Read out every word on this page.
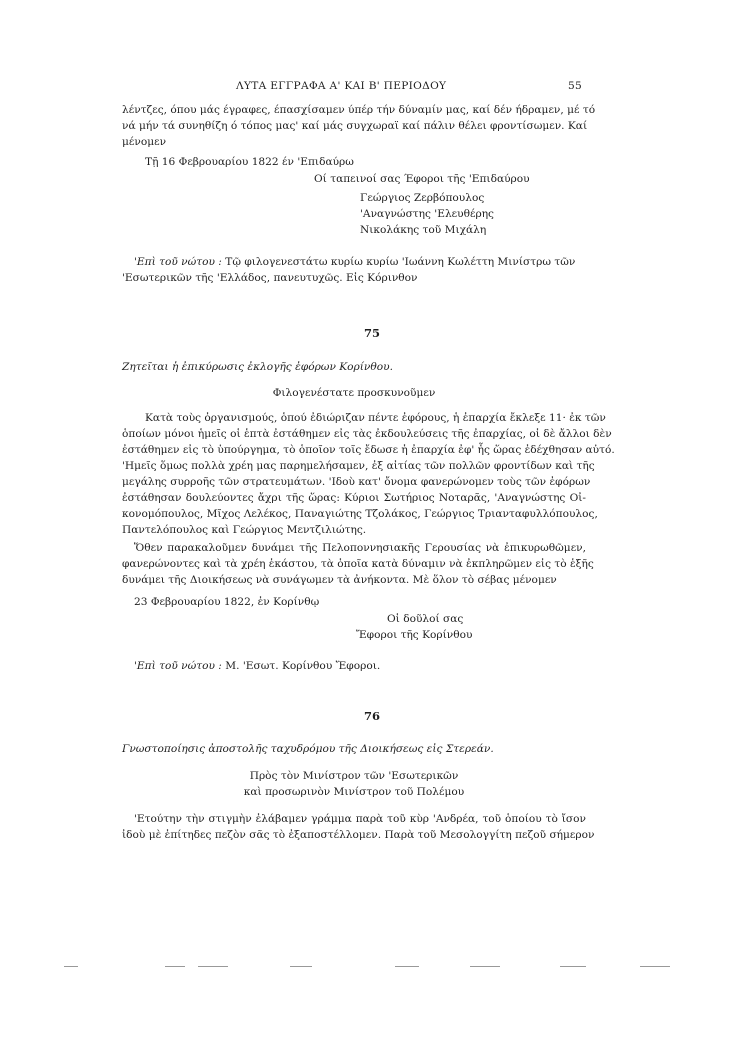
ΛΥΤΑ ΕΓΓΡΑΦΑ Α' ΚΑΙ Β' ΠΕΡΙΟΔΟΥ	55
λέντζες, όπου μάς έγραφες, έπασχίσαμεν ύπέρ τήν δύναμίν μας, καί δέν ήδραμεν, μέ τό
νά μήν τά συνηθίζη ό τόπος μας' καί μάς συγχωραϊ καί πάλιν θέλει φροντίσωμεν. Καί
μένομεν
Τῇ 16 Φεβρουαρίου 1822 έν 'Επιδαύρω
Οί ταπεινοί σας Έφοροι τῆς 'Επιδαύρου
Γεώργιος Ζερβόπουλος
'Αναγνώστης 'Ελευθέρης
Νικολάκης τοῦ Μιχάλη
'Επὶ τοῦ νώτου : Τῷ φιλογενεστάτω κυρίω κυρίω 'Ιωάννη Κωλέττη Μινίστρω τῶν
'Εσωτερικῶν τῆς 'Ελλάδος, πανευτυχῶς. Εἰς Κόρινθον
75
Ζητεῖται ἡ ἐπικύρωσις ἐκλογῆς ἐφόρων Κορίνθου.
Φιλογενέστατε προσκυνοῦμεν
Κατὰ τοὺς ὀργανισμούς, ὁπού ἐδιώριζαν πέντε ἐφόρους, ἡ ἐπαρχία ἔκλεξε 11· ἐκ τῶν
ὁποίων μόνοι ἡμεῖς οἱ ἑπτὰ ἐστάθημεν εἰς τὰς ἐκδουλεύσεις τῆς ἐπαρχίας, οἱ δὲ ἄλλοι δὲν
ἐστάθημεν εἰς τὸ ὑπούργημα, τὸ ὁποῖον τοῖς ἔδωσε ἡ ἐπαρχία ἐφ' ἧς ὥρας ἐδέχθησαν αὐτό.
'Ημεῖς ὅμως πολλὰ χρέη μας παρημελήσαμεν, ἐξ αἰτίας τῶν πολλῶν φροντίδων καὶ τῆς
μεγάλης συρροῆς τῶν στρατευμάτων. 'Ιδοὺ κατ' ὄνομα φανερώνομεν τοὺς τῶν ἐφόρων
ἐστάθησαν δουλεύοντες ἄχρι τῆς ὥρας: Κύριοι Σωτήριος Νοταρᾶς, 'Αναγνώστης Οἰ-
κονομόπουλος, Μῖχος Λελέκος, Παναγιώτης Τζολάκος, Γεώργιος Τριανταφυλλόπουλος,
Παντελόπουλος καὶ Γεώργιος Μεντζιλιώτης.
Ὅθεν παρακαλοῦμεν δυνάμει τῆς Πελοποννησιακῆς Γερουσίας νὰ ἐπικυρωθῶμεν,
φανερώνοντες καὶ τὰ χρέη ἑκάστου, τὰ ὁποῖα κατὰ δύναμιν νὰ ἐκπληρῶμεν εἰς τὸ ἑξῆς
δυνάμει τῆς Διοικήσεως νὰ συνάγωμεν τὰ ἀνήκοντα. Μὲ ὅλον τὸ σέβας μένομεν
23 Φεβρουαρίου 1822, ἐν Κορίνθῳ
Οἱ δοῦλοί σας
Ἔφοροι τῆς Κορίνθου
'Επὶ τοῦ νώτου : Μ. 'Εσωτ. Κορίνθου Ἔφοροι.
76
Γνωστοποίησις ἀποστολῆς ταχυδρόμου τῆς Διοικήσεως εἰς Στερεάν.
Πρὸς τὸν Μινίστρον τῶν 'Εσωτερικῶν
καὶ προσωρινὸν Μινίστρον τοῦ Πολέμου
'Ετούτην τὴν στιγμὴν ἐλάβαμεν γράμμα παρὰ τοῦ κὺρ 'Ανδρέα, τοῦ ὁποίου τὸ ἴσον
ἰδοὺ μὲ ἐπίτηδες πεζὸν σᾶς τὸ ἐξαποστέλλομεν. Παρὰ τοῦ Μεσολογγίτη πεζοῦ σήμερον
